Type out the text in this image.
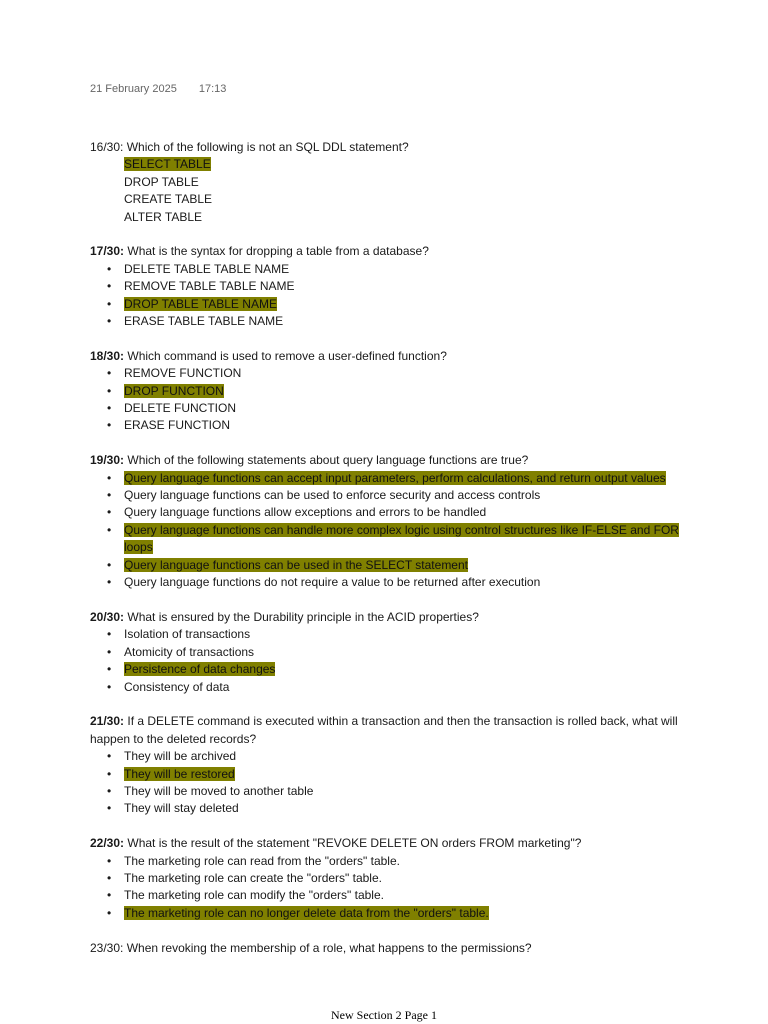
21 February 2025 17:13
16/30: Which of the following is not an SQL DDL statement?
SELECT TABLE
DROP TABLE
CREATE TABLE
ALTER TABLE
17/30: What is the syntax for dropping a table from a database?
• DELETE TABLE TABLE NAME
• REMOVE TABLE TABLE NAME
• DROP TABLE TABLE NAME
• ERASE TABLE TABLE NAME
18/30: Which command is used to remove a user-defined function?
• REMOVE FUNCTION
• DROP FUNCTION
• DELETE FUNCTION
• ERASE FUNCTION
19/30: Which of the following statements about query language functions are true?
• Query language functions can accept input parameters, perform calculations, and return output values
• Query language functions can be used to enforce security and access controls
• Query language functions allow exceptions and errors to be handled
• Query language functions can handle more complex logic using control structures like IF-ELSE and FOR loops
• Query language functions can be used in the SELECT statement
• Query language functions do not require a value to be returned after execution
20/30: What is ensured by the Durability principle in the ACID properties?
• Isolation of transactions
• Atomicity of transactions
• Persistence of data changes
• Consistency of data
21/30: If a DELETE command is executed within a transaction and then the transaction is rolled back, what will happen to the deleted records?
• They will be archived
• They will be restored
• They will be moved to another table
• They will stay deleted
22/30: What is the result of the statement "REVOKE DELETE ON orders FROM marketing"?
• The marketing role can read from the "orders" table.
• The marketing role can create the "orders" table.
• The marketing role can modify the "orders" table.
• The marketing role can no longer delete data from the "orders" table.
23/30: When revoking the membership of a role, what happens to the permissions?
New Section 2 Page 1
